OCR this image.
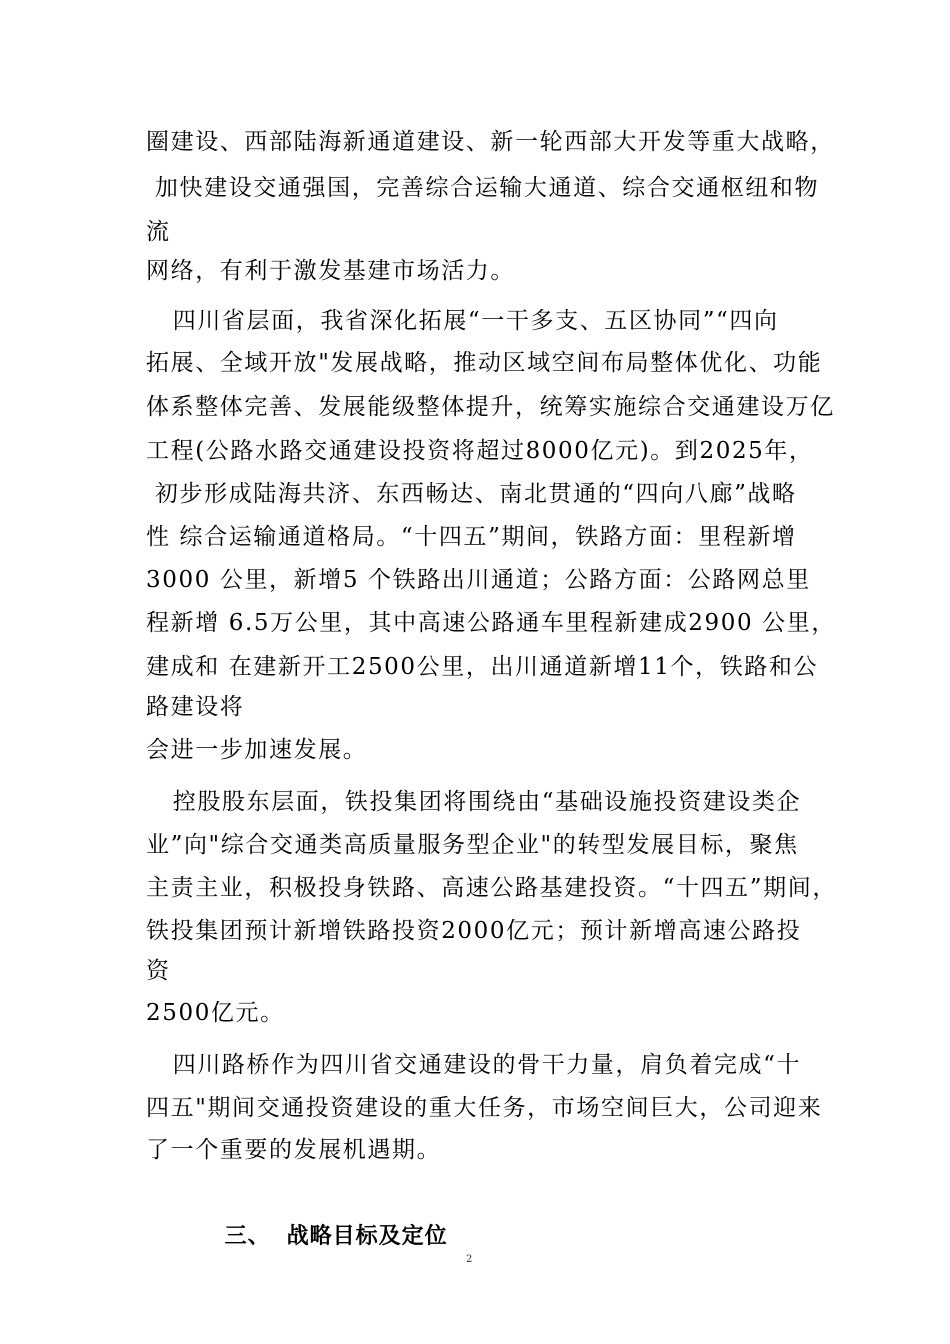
圈建设、西部陆海新通道建设、新一轮西部大开发等重大战略，

加快建设交通强国，完善综合运输大通道、综合交通枢纽和物

流

网络，有利于激发基建市场活力。

四川省层面，我省深化拓展“一干多支、五区协同”“四向

拓展、全域开放"发展战略，推动区域空间布局整体优化、功能

体系整体完善、发展能级整体提升，统筹实施综合交通建设万亿

工程(公路水路交通建设投资将超过8000亿元)。到2025年，

初步形成陆海共济、东西畅达、南北贯通的“四向八廊”战略

性 综合运输通道格局。“十四五”期间，铁路方面：里程新增

3000 公里，新增5 个铁路出川通道；公路方面：公路网总里

程新增 6.5万公里，其中高速公路通车里程新建成2900 公里，

建成和 在建新开工2500公里，出川通道新增11个，铁路和公

路建设将

会进一步加速发展。

控股股东层面，铁投集团将围绕由“基础设施投资建设类企

业”向"综合交通类高质量服务型企业"的转型发展目标，聚焦

主责主业，积极投身铁路、高速公路基建投资。“十四五”期间，

铁投集团预计新增铁路投资2000亿元；预计新增高速公路投

资

2500亿元。

四川路桥作为四川省交通建设的骨干力量，肩负着完成“十

四五"期间交通投资建设的重大任务，市场空间巨大，公司迎来

了一个重要的发展机遇期。

三、 战略目标及定位

2
